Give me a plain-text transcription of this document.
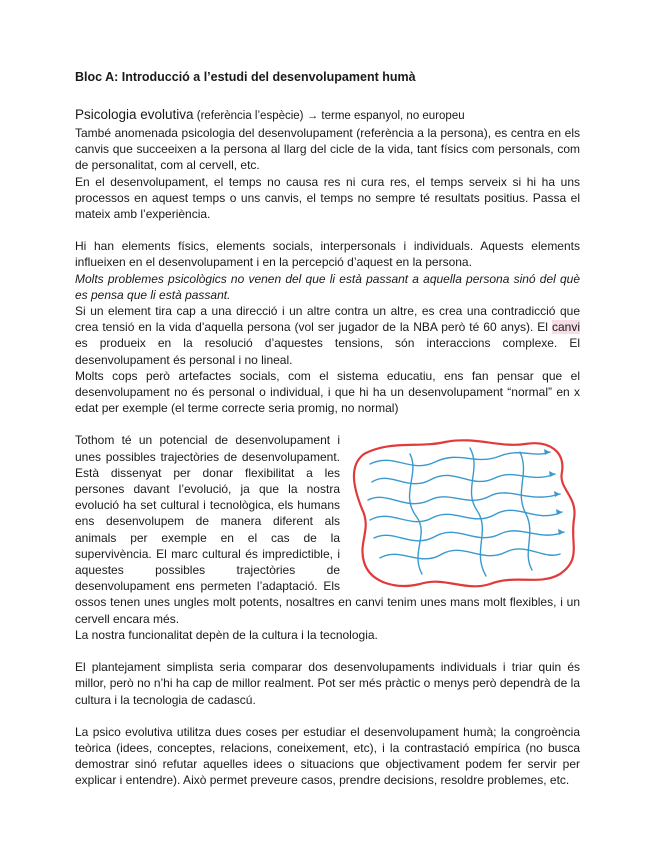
Bloc A: Introducció a l’estudi del desenvolupament humà

Psicologia evolutiva (referència l’espècie) → terme espanyol, no europeu

També anomenada psicologia del desenvolupament (referència a la persona), es centra en els canvis que succeeixen a la persona al llarg del cicle de la vida, tant físics com personals, com de personalitat, com al cervell, etc.

En el desenvolupament, el temps no causa res ni cura res, el temps serveix si hi ha uns processos en aquest temps o uns canvis, el temps no sempre té resultats positius. Passa el mateix amb l’experiència.

Hi han elements físics, elements socials, interpersonals i individuals. Aquests elements influeixen en el desenvolupament i en la percepció d’aquest en la persona.

Molts problemes psicològics no venen del que li està passant a aquella persona sinó del què es pensa que li està passant.

Si un element tira cap a una direcció i un altre contra un altre, es crea una contradicció que crea tensió en la vida d’aquella persona (vol ser jugador de la NBA però té 60 anys). El canvi es produeix en la resolució d’aquestes tensions, són interaccions complexe. El desenvolupament és personal i no lineal.

Molts cops però artefactes socials, com el sistema educatiu, ens fan pensar que el desenvolupament no és personal o individual, i que hi ha un desenvolupament “normal” en x edat per exemple (el terme correcte seria promig, no normal)

Tothom té un potencial de desenvolupament i unes possibles trajectòries de desenvolupament. Està dissenyat per donar flexibilitat a les persones davant l’evolució, ja que la nostra evolució ha set cultural i tecnològica, els humans ens desenvolupem de manera diferent als animals per exemple en el cas de la supervivència. El marc cultural és impredictible, i aquestes possibles trajectòries de desenvolupament ens permeten l’adaptació. Els ossos tenen unes ungles molt potents, nosaltres en canvi tenim unes mans molt flexibles, i un cervell encara més.

La nostra funcionalitat depèn de la cultura i la tecnologia.

El plantejament simplista seria comparar dos desenvolupaments individuals i triar quin és millor, però no n’hi ha cap de millor realment. Pot ser més pràctic o menys però dependrà de la cultura i la tecnologia de cadascú.

La psico evolutiva utilitza dues coses per estudiar el desenvolupament humà; la congroència teòrica (idees, conceptes, relacions, coneixement, etc), i la contrastació empírica (no busca demostrar sinó refutar aquelles idees o situacions que objectivament podem fer servir per explicar i entendre). Això permet preveure casos, prendre decisions, resoldre problemes, etc.
